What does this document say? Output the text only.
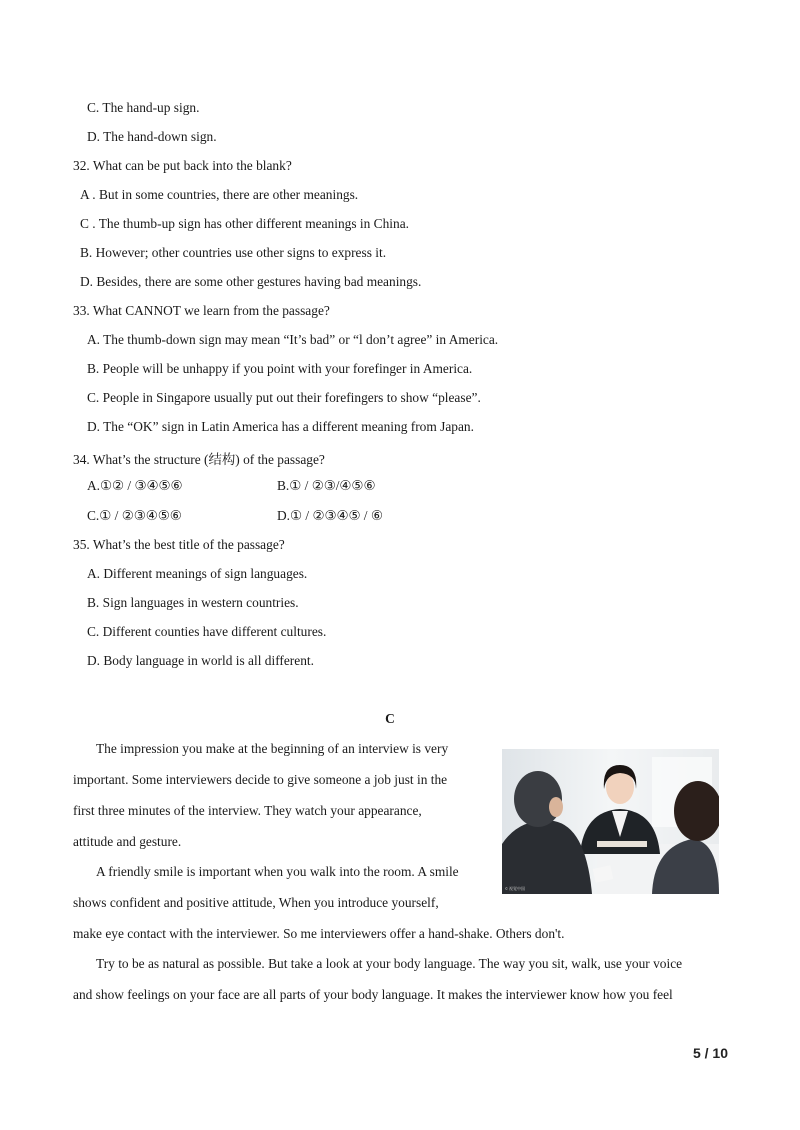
C. The hand-up sign.
D. The hand-down sign.
32. What can be put back into the blank?
A . But in some countries, there are other meanings.
C . The thumb-up sign has other different meanings in China.
B. However; other countries use other signs to express it.
D. Besides, there are some other gestures having bad meanings.
33. What CANNOT we learn from the passage?
A. The thumb-down sign may mean “It’s bad” or “l don’t agree” in America.
B. People will be unhappy if you point with your forefinger in America.
C. People in Singapore usually put out their forefingers to show “please”.
D. The “OK” sign in Latin America has a different meaning from Japan.
34. What’s the structure (结构) of the passage?
A.①② / ③④⑤⑥	B.① / ②③/④⑤⑥
C.① / ②③④⑤⑥	D.① / ②③④⑤ / ⑥
35. What’s the best title of the passage?
A. Different meanings of sign languages.
B. Sign languages in western countries.
C. Different counties have different cultures.
D. Body language in world is all different.
C
The impression you make at the beginning of an interview is very
important. Some interviewers decide to give someone a job just in the
first three minutes of the interview. They watch your appearance,
attitude and gesture.
A friendly smile is important when you walk into the room. A smile
shows confident and positive attitude, When you introduce yourself,
make eye contact with the interviewer. So me interviewers offer a hand-shake. Others don't.
Try to be as natural as possible. But take a look at your body language. The way you sit, walk, use your voice
and show feelings on your face are all parts of your body language. It makes the interviewer know how you feel
© 视觉中国
5 / 10
